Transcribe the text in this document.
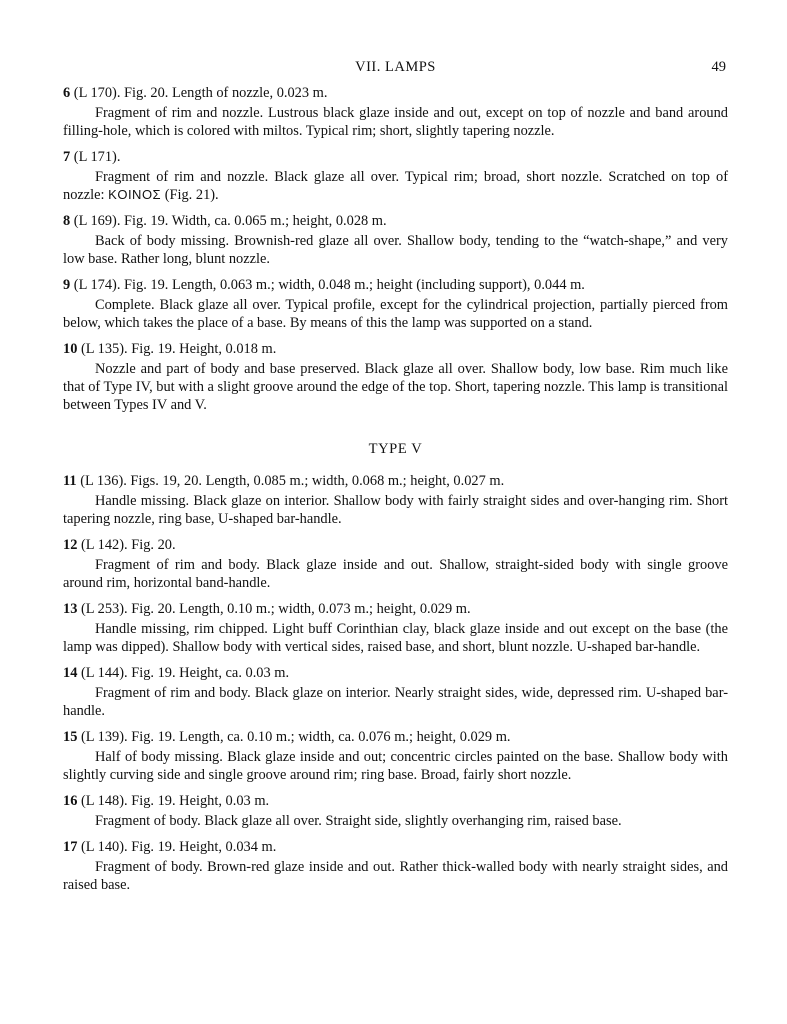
VII. LAMPS	49

6 (L 170). Fig. 20. Length of nozzle, 0.023 m.

Fragment of rim and nozzle. Lustrous black glaze inside and out, except on top of nozzle and band around filling-hole, which is colored with miltos. Typical rim; short, slightly tapering nozzle.

7 (L 171).

Fragment of rim and nozzle. Black glaze all over. Typical rim; broad, short nozzle. Scratched on top of nozzle: KOINOΣ (Fig. 21).

8 (L 169). Fig. 19. Width, ca. 0.065 m.; height, 0.028 m.

Back of body missing. Brownish-red glaze all over. Shallow body, tending to the “watch-shape,” and very low base. Rather long, blunt nozzle.

9 (L 174). Fig. 19. Length, 0.063 m.; width, 0.048 m.; height (including support), 0.044 m.

Complete. Black glaze all over. Typical profile, except for the cylindrical projection, partially pierced from below, which takes the place of a base. By means of this the lamp was supported on a stand.

10 (L 135). Fig. 19. Height, 0.018 m.

Nozzle and part of body and base preserved. Black glaze all over. Shallow body, low base. Rim much like that of Type IV, but with a slight groove around the edge of the top. Short, tapering nozzle. This lamp is transitional between Types IV and V.

TYPE V

11 (L 136). Figs. 19, 20. Length, 0.085 m.; width, 0.068 m.; height, 0.027 m.

Handle missing. Black glaze on interior. Shallow body with fairly straight sides and over-hanging rim. Short tapering nozzle, ring base, U-shaped bar-handle.

12 (L 142). Fig. 20.

Fragment of rim and body. Black glaze inside and out. Shallow, straight-sided body with single groove around rim, horizontal band-handle.

13 (L 253). Fig. 20. Length, 0.10 m.; width, 0.073 m.; height, 0.029 m.

Handle missing, rim chipped. Light buff Corinthian clay, black glaze inside and out except on the base (the lamp was dipped). Shallow body with vertical sides, raised base, and short, blunt nozzle. U-shaped bar-handle.

14 (L 144). Fig. 19. Height, ca. 0.03 m.

Fragment of rim and body. Black glaze on interior. Nearly straight sides, wide, depressed rim. U-shaped bar-handle.

15 (L 139). Fig. 19. Length, ca. 0.10 m.; width, ca. 0.076 m.; height, 0.029 m.

Half of body missing. Black glaze inside and out; concentric circles painted on the base. Shallow body with slightly curving side and single groove around rim; ring base. Broad, fairly short nozzle.

16 (L 148). Fig. 19. Height, 0.03 m.

Fragment of body. Black glaze all over. Straight side, slightly overhanging rim, raised base.

17 (L 140). Fig. 19. Height, 0.034 m.

Fragment of body. Brown-red glaze inside and out. Rather thick-walled body with nearly straight sides, and raised base.
